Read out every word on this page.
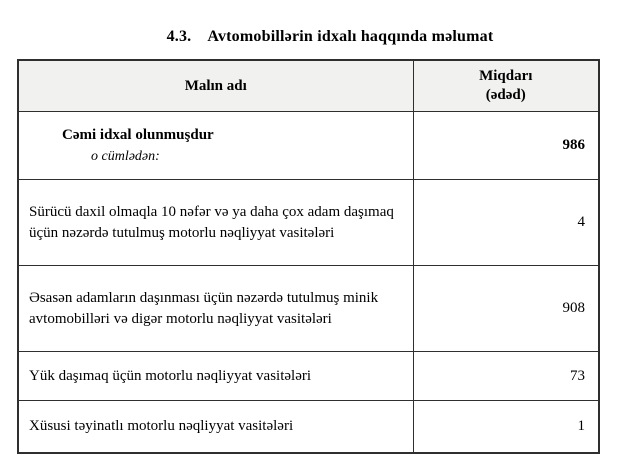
4.3. Avtomobillərin idxalı haqqında məlumat
Malın adı	Miqdarı
(ədəd)

Cəmi idxal olunmuşdur
o cümlədən:	986
Sürücü daxil olmaqla 10 nəfər və ya daha çox adam daşımaq üçün nəzərdə tutulmuş motorlu nəqliyyat vasitələri	4
Əsasən adamların daşınması üçün nəzərdə tutulmuş minik avtomobilləri və digər motorlu nəqliyyat vasitələri	908
Yük daşımaq üçün motorlu nəqliyyat vasitələri	73
Xüsusi təyinatlı motorlu nəqliyyat vasitələri	1
